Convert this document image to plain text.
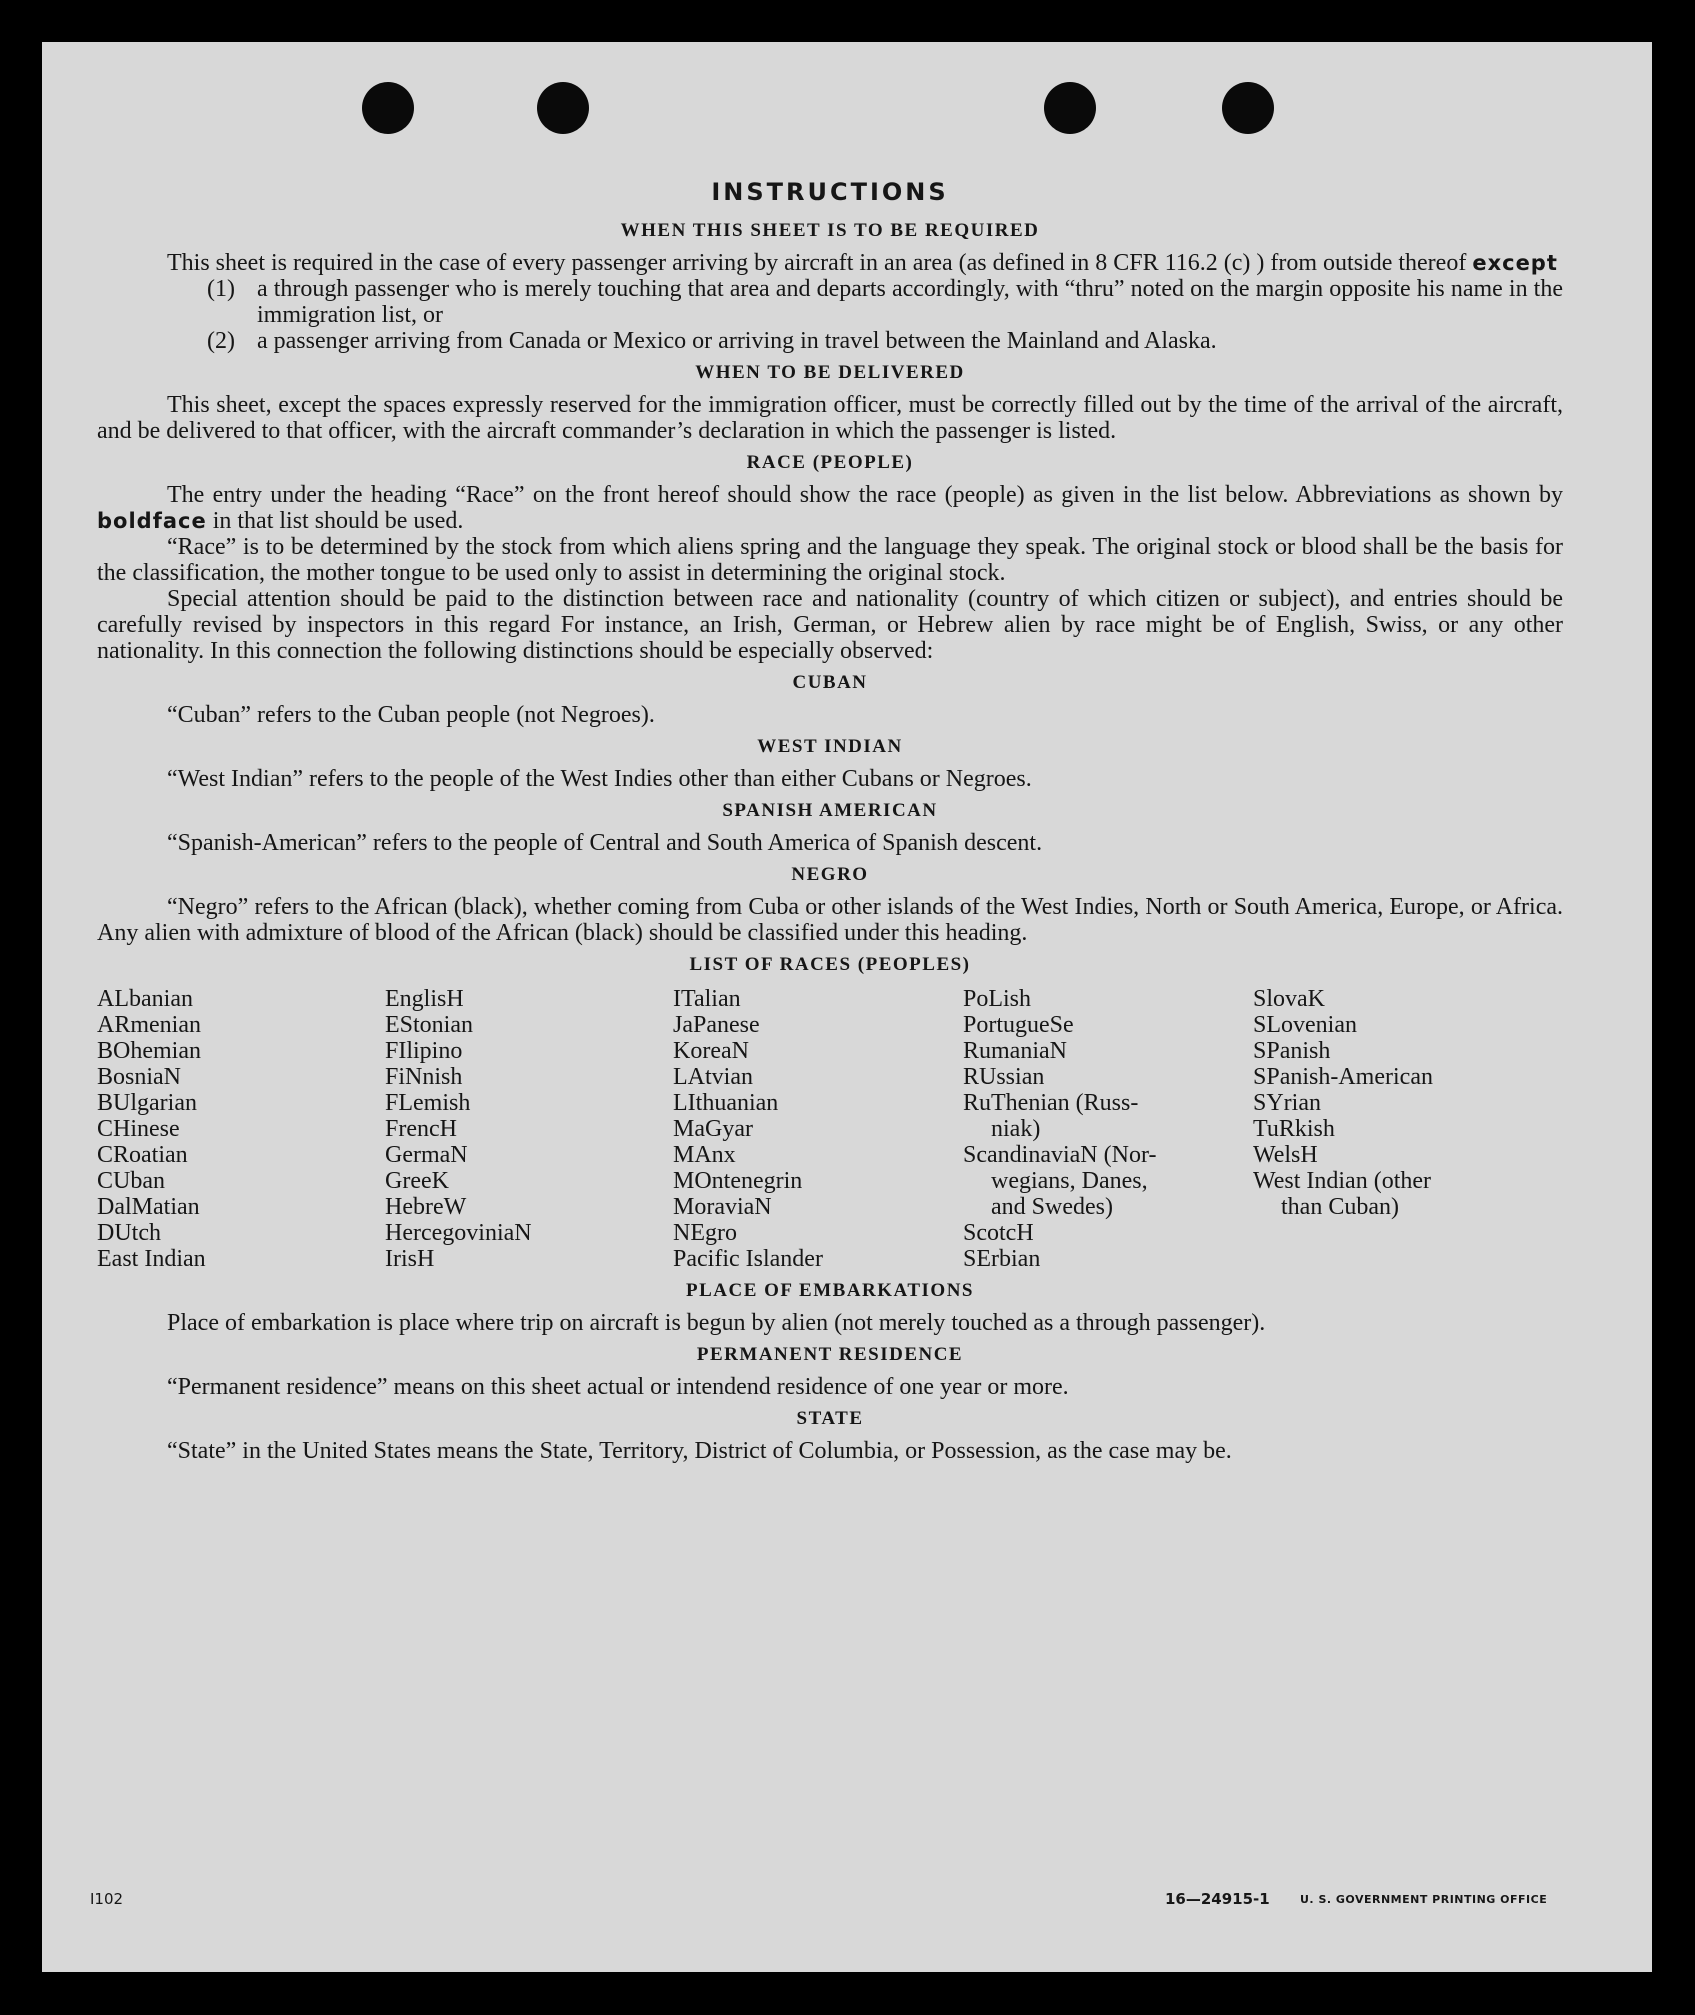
INSTRUCTIONS
WHEN THIS SHEET IS TO BE REQUIRED

This sheet is required in the case of every passenger arriving by aircraft in an area (as defined in 8 CFR 116.2 (c) ) from outside thereof except

(1) a through passenger who is merely touching that area and departs accordingly, with “thru” noted on the margin opposite his name in the immigration list, or
(2) a passenger arriving from Canada or Mexico or arriving in travel between the Mainland and Alaska.
WHEN TO BE DELIVERED

This sheet, except the spaces expressly reserved for the immigration officer, must be correctly filled out by the time of the arrival of the aircraft, and be delivered to that officer, with the aircraft commander’s declaration in which the passenger is listed.

RACE (PEOPLE)

The entry under the heading “Race” on the front hereof should show the race (people) as given in the list below. Abbreviations as shown by boldface in that list should be used.

“Race” is to be determined by the stock from which aliens spring and the language they speak. The original stock or blood shall be the basis for the classification, the mother tongue to be used only to assist in determining the original stock.

Special attention should be paid to the distinction between race and nationality (country of which citizen or subject), and entries should be carefully revised by inspectors in this regard For instance, an Irish, German, or Hebrew alien by race might be of English, Swiss, or any other nationality. In this connection the following distinctions should be especially observed:

CUBAN

“Cuban” refers to the Cuban people (not Negroes).

WEST INDIAN

“West Indian” refers to the people of the West Indies other than either Cubans or Negroes.

SPANISH AMERICAN

“Spanish-American” refers to the people of Central and South America of Spanish descent.

NEGRO

“Negro” refers to the African (black), whether coming from Cuba or other islands of the West Indies, North or South America, Europe, or Africa. Any alien with admixture of blood of the African (black) should be classified under this heading.

LIST OF RACES (PEOPLES)
ALbanian
ARmenian
BOhemian
BosniaN
BUlgarian
CHinese
CRoatian
CUban
DalMatian
DUtch
East Indian
EnglisH
EStonian
FIlipino
FiNnish
FLemish
FrencH
GermaN
GreeK
HebreW
HercegoviniaN
IrisH
ITalian
JaPanese
KoreaN
LAtvian
LIthuanian
MaGyar
MAnx
MOntenegrin
MoraviaN
NEgro
Pacific Islander
PoLish
PortugueSe
RumaniaN
RUssian
RuThenian (Russ-
niak)
ScandinaviaN (Nor-
wegians, Danes,
and Swedes)
ScotcH
SErbian
SlovaK
SLovenian
SPanish
SPanish-American
SYrian
TuRkish
WelsH
West Indian (other
than Cuban)
PLACE OF EMBARKATIONS

Place of embarkation is place where trip on aircraft is begun by alien (not merely touched as a through passenger).

PERMANENT RESIDENCE

“Permanent residence” means on this sheet actual or intendend residence of one year or more.

STATE

“State” in the United States means the State, Territory, District of Columbia, or Possession, as the case may be.

I102	16—24915-1	U. S. GOVERNMENT PRINTING OFFICE
